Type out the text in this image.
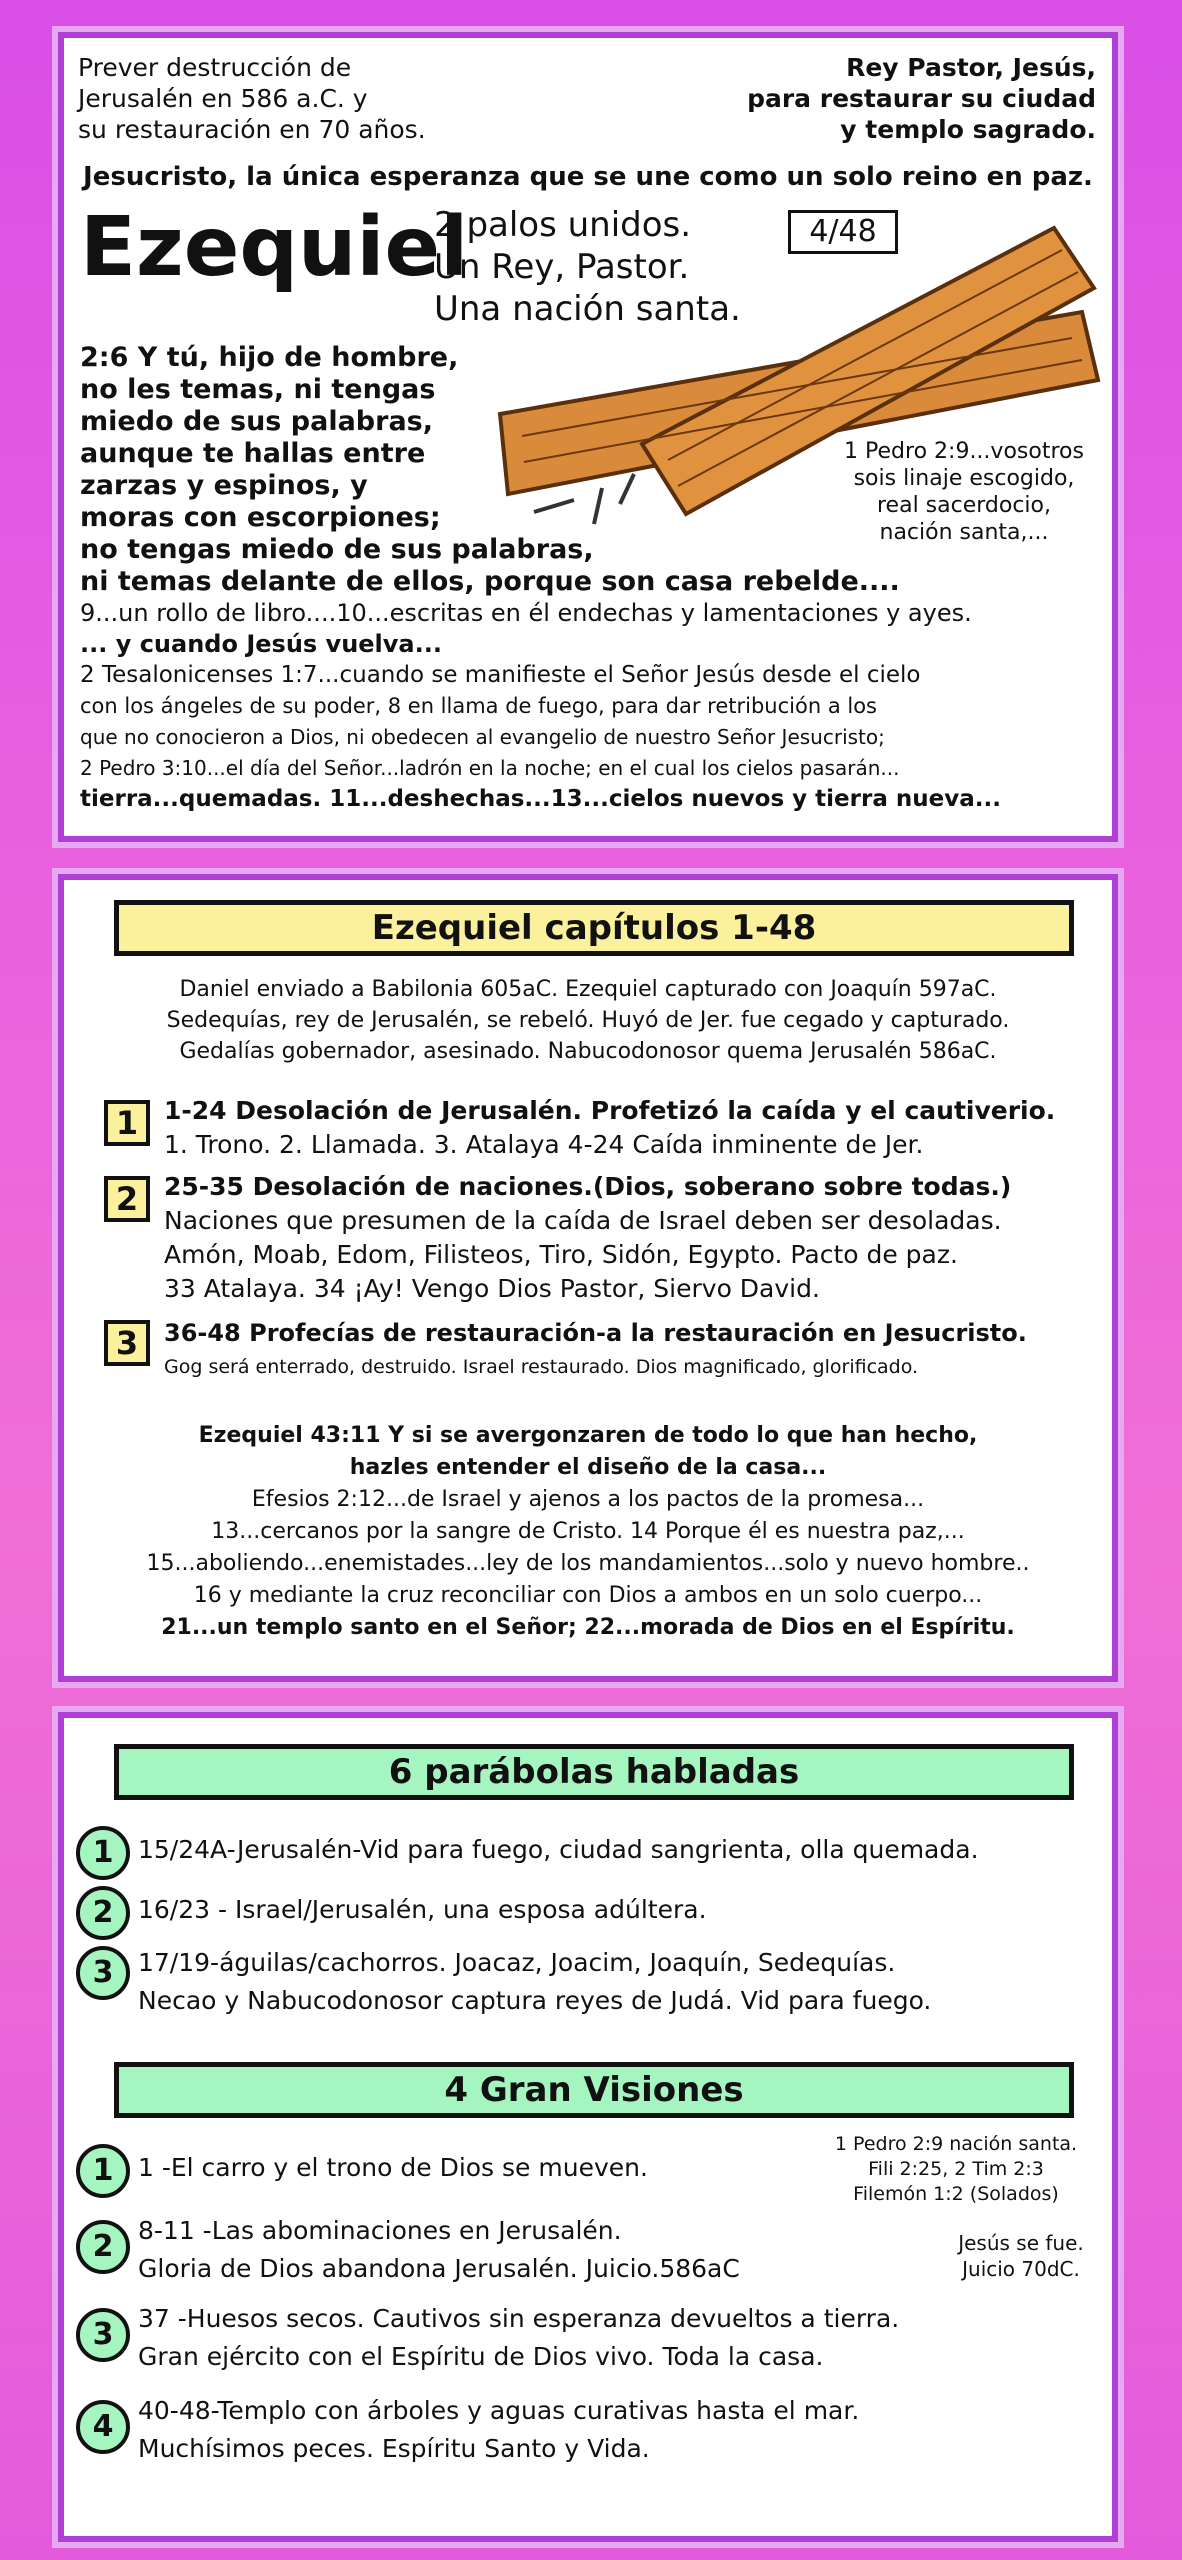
Prever destrucción de
Jerusalén en 586 a.C. y
su restauración en 70 años.
Rey Pastor, Jesús,
para restaurar su ciudad
y templo sagrado.
Jesucristo, la única esperanza que se une como un solo reino en paz.
Ezequiel
2 palos unidos.
Un Rey, Pastor.
Una nación santa.
4/48
2:6 Y tú, hijo de hombre,
no les temas, ni tengas
miedo de sus palabras,
aunque te hallas entre
zarzas y espinos, y
moras con escorpiones;
no tengas miedo de sus palabras,
ni temas delante de ellos, porque son casa rebelde....
1 Pedro 2:9...vosotros
sois linaje escogido,
real sacerdocio,
nación santa,...
9...un rollo de libro....10...escritas en él endechas y lamentaciones y ayes.
... y cuando Jesús vuelva...
2 Tesalonicenses 1:7...cuando se manifieste el Señor Jesús desde el cielo
con los ángeles de su poder, 8 en llama de fuego, para dar retribución a los
que no conocieron a Dios, ni obedecen al evangelio de nuestro Señor Jesucristo;
2 Pedro 3:10...el día del Señor...ladrón en la noche; en el cual los cielos pasarán...
tierra...quemadas. 11...deshechas...13...cielos nuevos y tierra nueva...
Ezequiel capítulos 1-48
Daniel enviado a Babilonia 605aC. Ezequiel capturado con Joaquín 597aC.
Sedequías, rey de Jerusalén, se rebeló. Huyó de Jer. fue cegado y capturado.
Gedalías gobernador, asesinado. Nabucodonosor quema Jerusalén 586aC.
1	1-24 Desolación de Jerusalén. Profetizó la caída y el cautiverio.
1. Trono. 2. Llamada. 3. Atalaya 4-24 Caída inminente de Jer.
2	25-35 Desolación de naciones.(Dios, soberano sobre todas.)
Naciones que presumen de la caída de Israel deben ser desoladas.
Amón, Moab, Edom, Filisteos, Tiro, Sidón, Egypto. Pacto de paz.
33 Atalaya. 34 ¡Ay! Vengo Dios Pastor, Siervo David.
3	36-48 Profecías de restauración-a la restauración en Jesucristo.
Gog será enterrado, destruido. Israel restaurado. Dios magnificado, glorificado.
Ezequiel 43:11 Y si se avergonzaren de todo lo que han hecho,
hazles entender el diseño de la casa...
Efesios 2:12...de Israel y ajenos a los pactos de la promesa...
13...cercanos por la sangre de Cristo. 14 Porque él es nuestra paz,...
15...aboliendo...enemistades...ley de los mandamientos...solo y nuevo hombre..
16 y mediante la cruz reconciliar con Dios a ambos en un solo cuerpo...
21...un templo santo en el Señor; 22...morada de Dios en el Espíritu.
6 parábolas habladas
1 15/24A-Jerusalén-Vid para fuego, ciudad sangrienta, olla quemada.
2 16/23 - Israel/Jerusalén, una esposa adúltera.
3 17/19-águilas/cachorros. Joacaz, Joacim, Joaquín, Sedequías.
Necao y Nabucodonosor captura reyes de Judá. Vid para fuego.
4 Gran Visiones
1 Pedro 2:9 nación santa.
Fili 2:25, 2 Tim 2:3
Filemón 1:2 (Solados)
Jesús se fue.
Juicio 70dC.
1 1 -El carro y el trono de Dios se mueven.
2 8-11 -Las abominaciones en Jerusalén.
Gloria de Dios abandona Jerusalén. Juicio.586aC
3 37 -Huesos secos. Cautivos sin esperanza devueltos a tierra.
Gran ejército con el Espíritu de Dios vivo. Toda la casa.
4 40-48-Templo con árboles y aguas curativas hasta el mar.
Muchísimos peces. Espíritu Santo y Vida.
